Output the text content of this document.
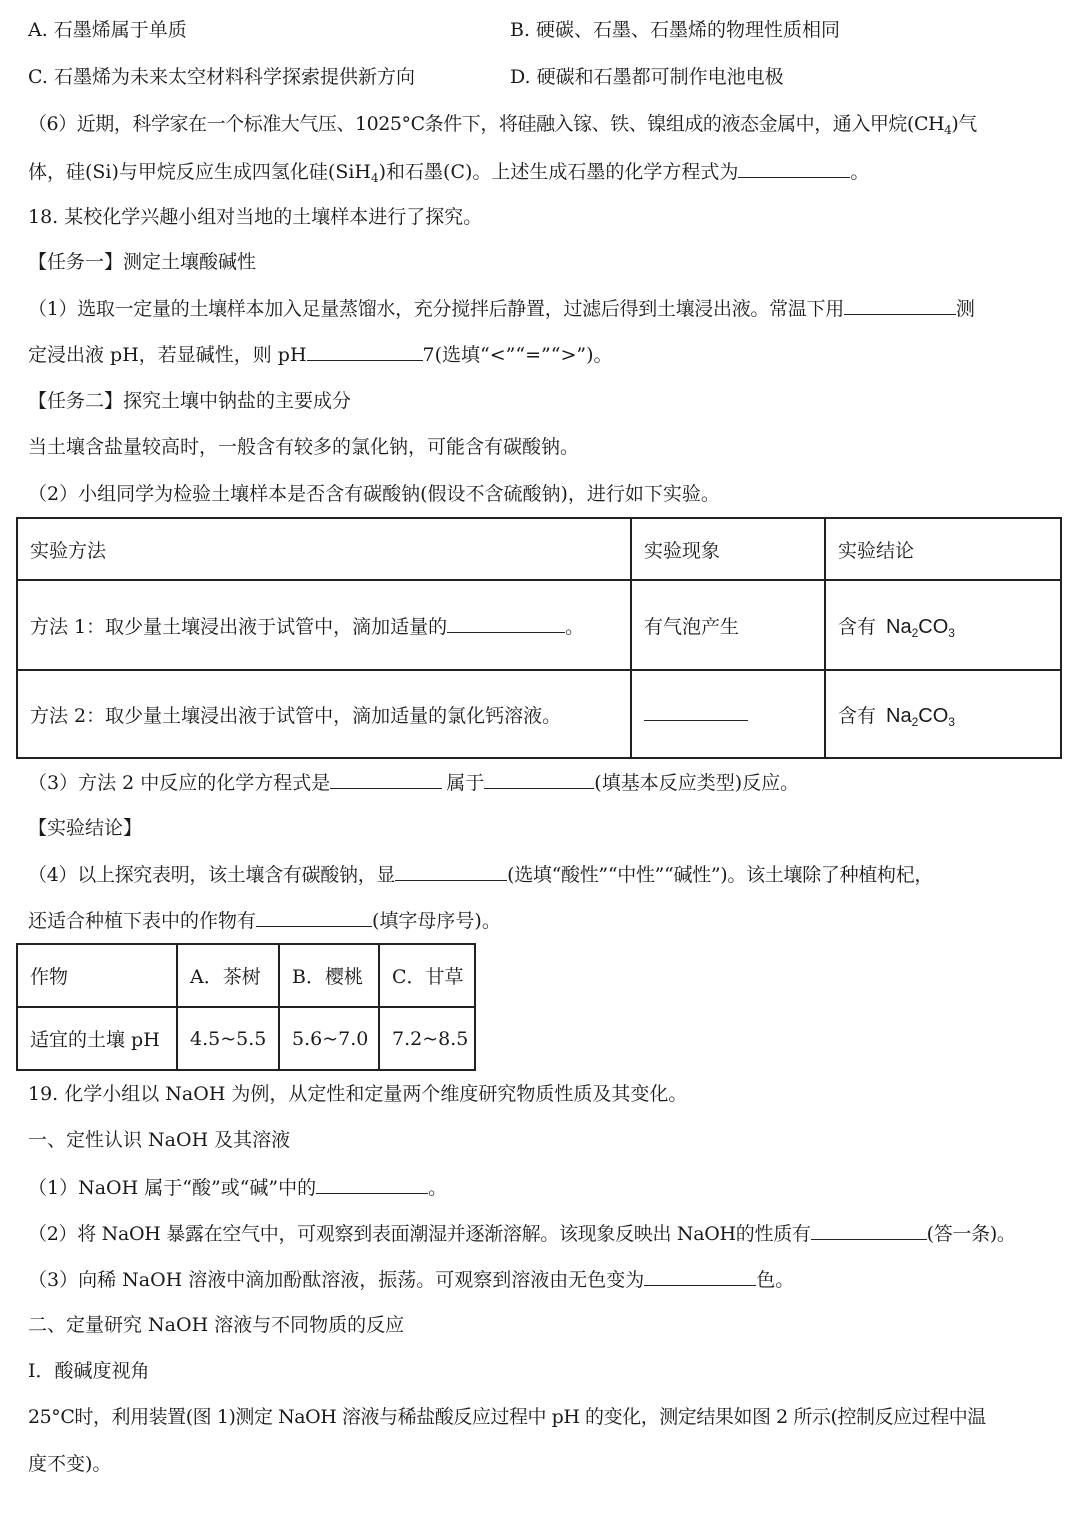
A. 石墨烯属于单质	B. 硬碳、石墨、石墨烯的物理性质相同
C. 石墨烯为未来太空材料科学探索提供新方向	D. 硬碳和石墨都可制作电池电极
（6）近期，科学家在一个标准大气压、1025°C条件下，将硅融入镓、铁、镍组成的液态金属中，通入甲烷$(CH_4)$气
体，硅(Si)与甲烷反应生成四氢化硅(SiH$_4$)和石墨(C)。上述生成石墨的化学方程式为	。
18. 某校化学兴趣小组对当地的土壤样本进行了探究。
【任务一】测定土壤酸碱性
（1）选取一定量的土壤样本加入足量蒸馏水，充分搅拌后静置，过滤后得到土壤浸出液。常温下用	测
定浸出液 pH，若显碱性，则 pH	7(选填“<”“=”“>”)。
【任务二】探究土壤中钠盐的主要成分
当土壤含盐量较高时，一般含有较多的氯化钠，可能含有碳酸钠。
（2）小组同学为检验土壤样本是否含有碳酸钠(假设不含硫酸钠)，进行如下实验。
实验方法	实验现象	实验结论
方法 1：取少量土壤浸出液于试管中，滴加适量的 。	有气泡产生	含有 $Na_2CO_3$
方法 2：取少量土壤浸出液于试管中，滴加适量的氯化钙溶液。		含有 $Na_2CO_3$
（3）方法 2 中反应的化学方程式是	属于	(填基本反应类型)反应。
【实验结论】
（4）以上探究表明，该土壤含有碳酸钠，显	(选填“酸性”“中性”“碱性”)。该土壤除了种植枸杞，
还适合种植下表中的作物有	(填字母序号)。
作物	A．茶树	B．樱桃	C．甘草
适宜的土壤 pH	4.5~5.5	5.6~7.0	7.2~8.5
19. 化学小组以 NaOH 为例，从定性和定量两个维度研究物质性质及其变化。
一、定性认识 NaOH 及其溶液
（1）NaOH 属于“酸”或“碱”中的	。
（2）将 NaOH 暴露在空气中，可观察到表面潮湿并逐渐溶解。该现象反映出 NaOH的性质有	(答一条)。
（3）向稀 NaOH 溶液中滴加酚酞溶液，振荡。可观察到溶液由无色变为	色。
二、定量研究 NaOH 溶液与不同物质的反应
I．酸碱度视角
25°C时，利用装置(图 1)测定 NaOH 溶液与稀盐酸反应过程中 pH 的变化，测定结果如图 2 所示(控制反应过程中温
度不变)。
